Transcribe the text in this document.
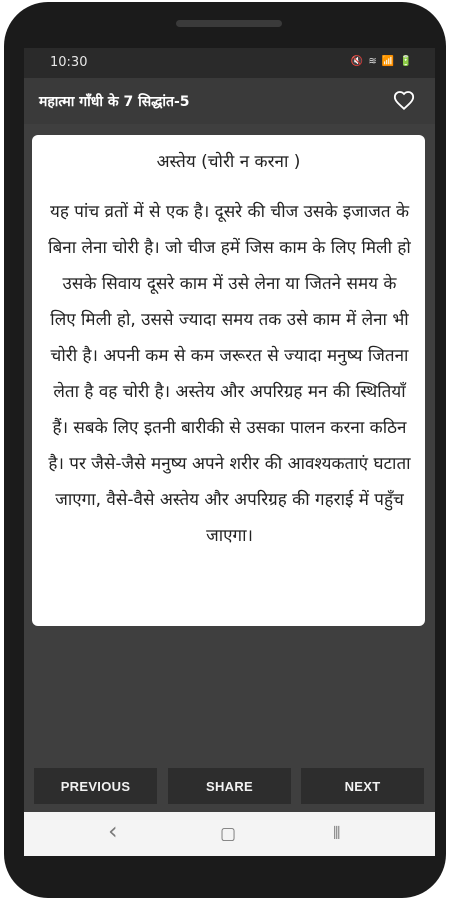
10:30	🔇 ≋ 📶 🔋
महात्मा गाँधी के 7 सिद्धांत-5
अस्तेय (चोरी न करना )
यह पांच व्रतों में से एक है। दूसरे की चीज उसके इजाजत के बिना लेना चोरी है। जो चीज हमें जिस काम के लिए मिली हो उसके सिवाय दूसरे काम में उसे लेना या जितने समय के लिए मिली हो, उससे ज्यादा समय तक उसे काम में लेना भी चोरी है। अपनी कम से कम जरूरत से ज्यादा मनुष्य जितना लेता है वह चोरी है। अस्तेय और अपरिग्रह मन की स्थितियाँ हैं। सबके लिए इतनी बारीकी से उसका पालन करना कठिन है। पर जैसे-जैसे मनुष्य अपने शरीर की आवश्यकताएं घटाता जाएगा, वैसे-वैसे अस्तेय और अपरिग्रह की गहराई में पहुँच जाएगा।
PREVIOUS	SHARE	NEXT
‹	▢	⦀
